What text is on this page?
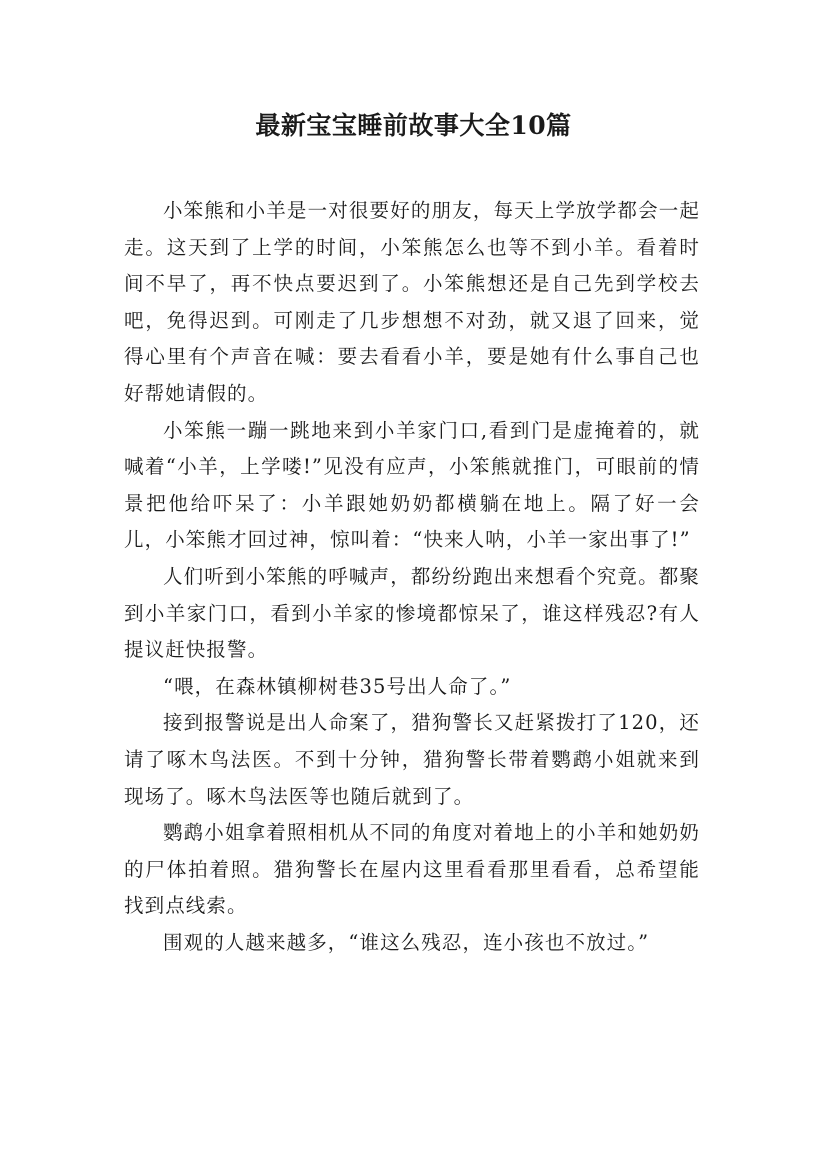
最新宝宝睡前故事大全10篇

小笨熊和小羊是一对很要好的朋友，每天上学放学都会一起走。这天到了上学的时间，小笨熊怎么也等不到小羊。看着时间不早了，再不快点要迟到了。小笨熊想还是自己先到学校去吧，免得迟到。可刚走了几步想想不对劲，就又退了回来，觉得心里有个声音在喊：要去看看小羊，要是她有什么事自己也好帮她请假的。

小笨熊一蹦一跳地来到小羊家门口,看到门是虚掩着的，就喊着“小羊，上学喽!”见没有应声，小笨熊就推门，可眼前的情景把他给吓呆了：小羊跟她奶奶都横躺在地上。隔了好一会儿，小笨熊才回过神，惊叫着：“快来人呐，小羊一家出事了!”

人们听到小笨熊的呼喊声，都纷纷跑出来想看个究竟。都聚到小羊家门口，看到小羊家的惨境都惊呆了，谁这样残忍?有人提议赶快报警。

“喂，在森林镇柳树巷35号出人命了。”

接到报警说是出人命案了，猎狗警长又赶紧拨打了120，还请了啄木鸟法医。不到十分钟，猎狗警长带着鹦鹉小姐就来到现场了。啄木鸟法医等也随后就到了。

鹦鹉小姐拿着照相机从不同的角度对着地上的小羊和她奶奶的尸体拍着照。猎狗警长在屋内这里看看那里看看，总希望能找到点线索。

围观的人越来越多，“谁这么残忍，连小孩也不放过。”
